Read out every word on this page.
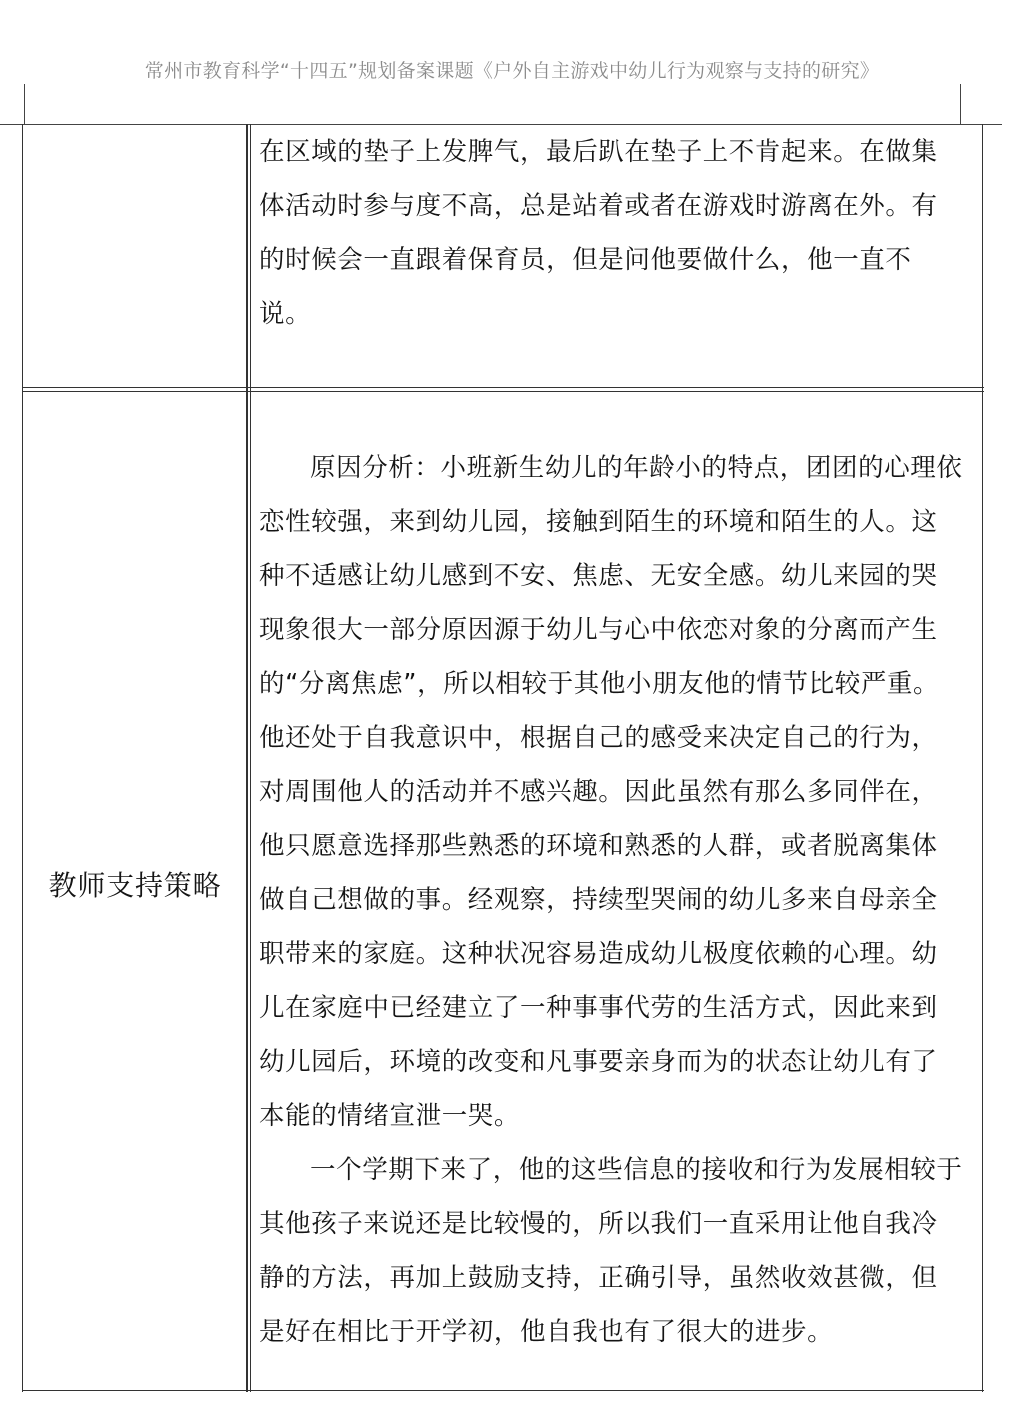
常州市教育科学“十四五”规划备案课题《户外自主游戏中幼儿行为观察与支持的研究》

在区域的垫子上发脾气，最后趴在垫子上不肯起来。在做集

体活动时参与度不高，总是站着或者在游戏时游离在外。有

的时候会一直跟着保育员，但是问他要做什么，他一直不

说。

教师支持策略

原因分析：小班新生幼儿的年龄小的特点，团团的心理依

恋性较强，来到幼儿园，接触到陌生的环境和陌生的人。这

种不适感让幼儿感到不安、焦虑、无安全感。幼儿来园的哭

现象很大一部分原因源于幼儿与心中依恋对象的分离而产生

的“分离焦虑”，所以相较于其他小朋友他的情节比较严重。

他还处于自我意识中，根据自己的感受来决定自己的行为，

对周围他人的活动并不感兴趣。因此虽然有那么多同伴在，

他只愿意选择那些熟悉的环境和熟悉的人群，或者脱离集体

做自己想做的事。经观察，持续型哭闹的幼儿多来自母亲全

职带来的家庭。这种状况容易造成幼儿极度依赖的心理。幼

儿在家庭中已经建立了一种事事代劳的生活方式，因此来到

幼儿园后，环境的改变和凡事要亲身而为的状态让幼儿有了

本能的情绪宣泄一哭。

一个学期下来了，他的这些信息的接收和行为发展相较于

其他孩子来说还是比较慢的，所以我们一直采用让他自我冷

静的方法，再加上鼓励支持，正确引导，虽然收效甚微，但

是好在相比于开学初，他自我也有了很大的进步。
